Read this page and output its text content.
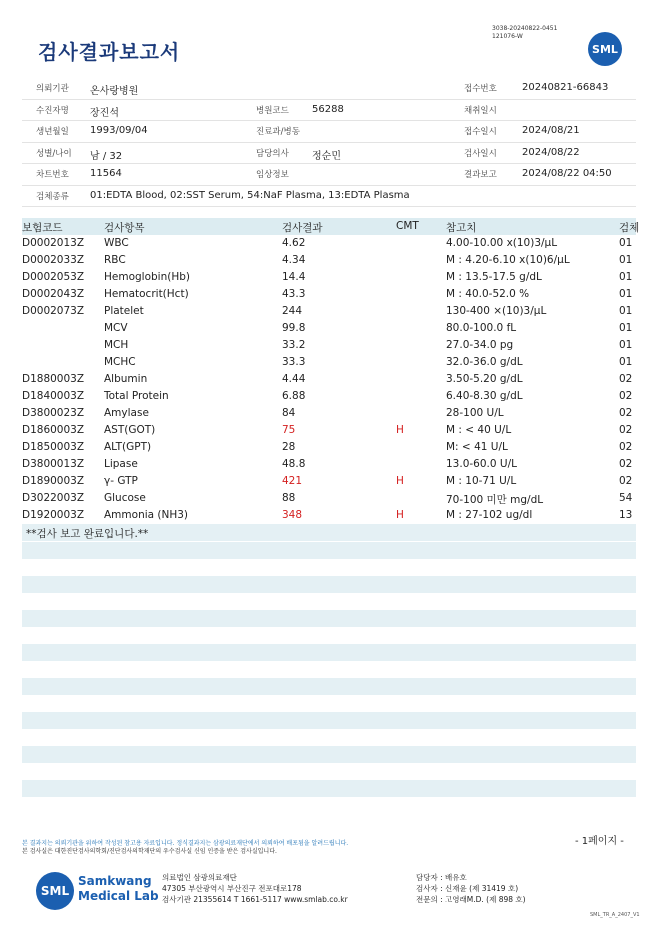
검사결과보고서
3038-20240822-0451
121076-W
SML
의뢰기관 온사랑병원	접수번호	20240821-66843
수진자명 장진석	병원코드 56288	채취일시
생년월일 1993/09/04	진료과/병동	접수일시	2024/08/21
성별/나이 남 / 32	담당의사 정순민	검사일시	2024/08/22
차트번호 11564	임상정보	결과보고	2024/08/22 04:50
검체종류 01:EDTA Blood, 02:SST Serum, 54:NaF Plasma, 13:EDTA Plasma
보험코드	검사항목	검사결과	CMT	참고치	검체
D0002013Z WBC	4.62	4.00-10.00 x(10)3/μL	01
D0002033Z RBC	4.34	M : 4.20-6.10 x(10)6/μL	01
D0002053Z Hemoglobin(Hb)	14.4	M : 13.5-17.5 g/dL	01
D0002043Z Hematocrit(Hct)	43.3	M : 40.0-52.0 %	01
D0002073Z Platelet	244	130-400 ×(10)3/μL	01
MCV	99.8	80.0-100.0 fL	01
MCH	33.2	27.0-34.0 pg	01
MCHC	33.3	32.0-36.0 g/dL	01
D1880003Z Albumin	4.44	3.50-5.20 g/dL	02
D1840003Z Total Protein	6.88	6.40-8.30 g/dL	02
D3800023Z Amylase	84	28-100 U/L	02
D1860003Z AST(GOT)	75	H	M : < 40 U/L	02
D1850003Z ALT(GPT)	28	M: < 41 U/L	02
D3800013Z Lipase	48.8	13.0-60.0 U/L	02
D1890003Z γ- GTP	421	H	M : 10-71 U/L	02
D3022003Z Glucose	88	70-100 미만 mg/dL	54
D1920003Z Ammonia (NH3)	348	H	M : 27-102 ug/dl	13
**검사 보고 완료입니다.**
- 1페이지 -
본 결과지는 의뢰기관을 위하여 작성된 참고용 자료입니다. 정식결과지는 삼광의료재단에서 의뢰하여 배포됨을 알려드립니다.
본 검사실은 대한진단검사의학회/진단검사의학재단의 우수검사실 신임 인증을 받은 검사실입니다.
SML
Samkwang
Medical Lab
의료법인 삼광의료재단
47305 부산광역시 부산진구 전포대로178
검사기관 21355614 T 1661-5117 www.smlab.co.kr
담당자 : 배유호
검사자 : 신재윤 (제 31419 호)
전문의 : 고영래M.D. (제 898 호)
SML_TR_A_2407_V1
